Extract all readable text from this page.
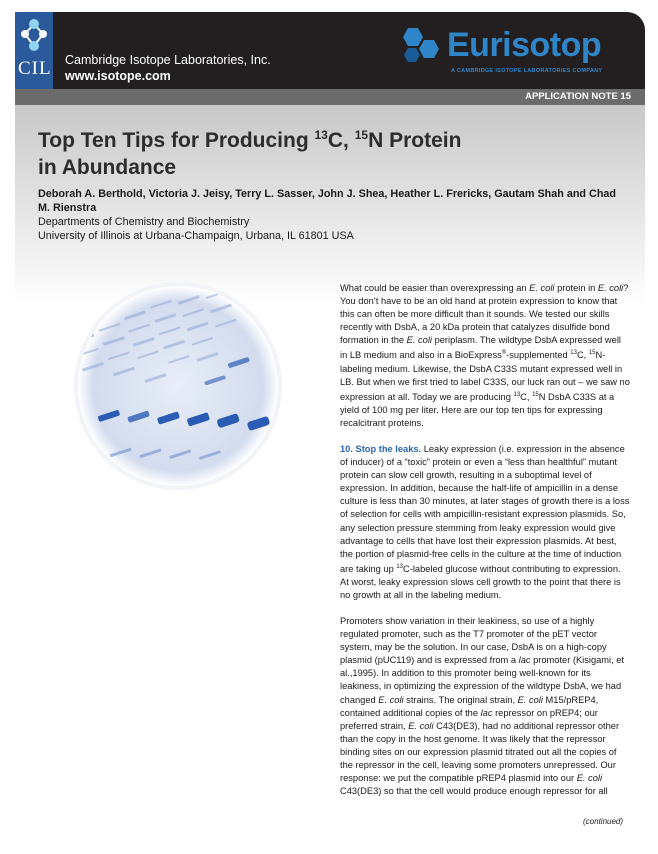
CIL Cambridge Isotope Laboratories, Inc.
www.isotope.com
Eurisotop
A CAMBRIDGE ISOTOPE LABORATORIES COMPANY
APPLICATION NOTE 15
Top Ten Tips for Producing $^{13}$C, $^{15}$N Protein
in Abundance
Deborah A. Berthold, Victoria J. Jeisy, Terry L. Sasser, John J. Shea, Heather L. Frericks, Gautam Shah and Chad M. Rienstra
Departments of Chemistry and Biochemistry
University of Illinois at Urbana-Champaign, Urbana, IL 61801 USA

What could be easier than overexpressing an E. coli protein in E. coli? You don’t have to be an old hand at protein expression to know that this can often be more difficult than it sounds. We tested our skills recently with DsbA, a 20 kDa protein that catalyzes disulfide bond formation in the E. coli periplasm. The wildtype DsbA expressed well in LB medium and also in a BioExpress®-supplemented $^{13}$C, $^{15}$N-labeling medium. Likewise, the DsbA C33S mutant expressed well in LB. But when we first tried to label C33S, our luck ran out – we saw no expression at all. Today we are producing $^{13}$C, $^{15}$N DsbA C33S at a yield of 100 mg per liter. Here are our top ten tips for expressing recalcitrant proteins.

10. Stop the leaks. Leaky expression (i.e. expression in the absence of inducer) of a “toxic” protein or even a “less than healthful” mutant protein can slow cell growth, resulting in a suboptimal level of expression. In addition, because the half-life of ampicillin in a dense culture is less than 30 minutes, at later stages of growth there is a loss of selection for cells with ampicillin-resistant expression plasmids. So, any selection pressure stemming from leaky expression would give advantage to cells that have lost their expression plasmids. At best, the portion of plasmid-free cells in the culture at the time of induction are taking up $^{13}$C-labeled glucose without contributing to expression. At worst, leaky expression slows cell growth to the point that there is no growth at all in the labeling medium.

Promoters show variation in their leakiness, so use of a highly regulated promoter, such as the T7 promoter of the pET vector system, may be the solution. In our case, DsbA is on a high-copy plasmid (pUC119) and is expressed from a lac promoter (Kisigami, et al.,1995). In addition to this promoter being well-known for its leakiness, in optimizing the expression of the wildtype DsbA, we had changed E. coli strains. The original strain, E. coli M15/pREP4, contained additional copies of the lac repressor on pREP4; our preferred strain, E. coli C43(DE3), had no additional repressor other than the copy in the host genome. It was likely that the repressor binding sites on our expression plasmid titrated out all the copies of the repressor in the cell, leaving some promoters unrepressed. Our response: we put the compatible pREP4 plasmid into our E. coli C43(DE3) so that the cell would produce enough repressor for all

(continued)
